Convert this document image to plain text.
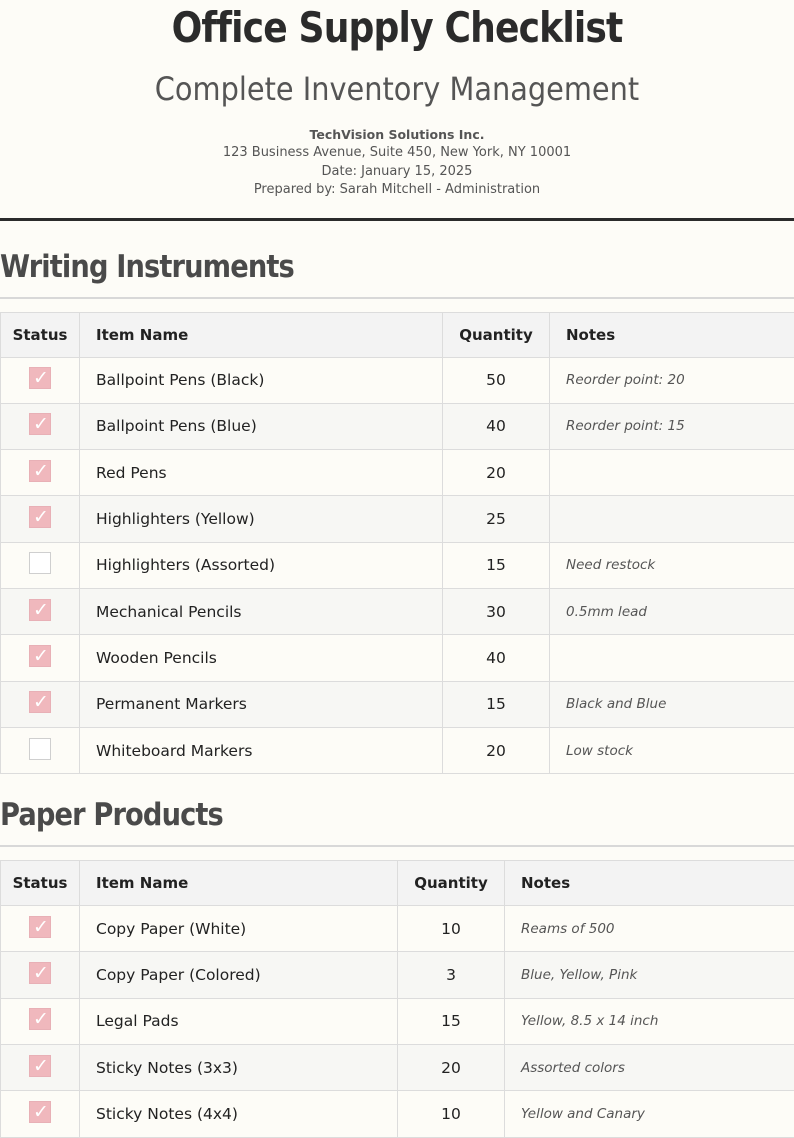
Office Supply Checklist
Complete Inventory Management
TechVision Solutions Inc.
123 Business Avenue, Suite 450, New York, NY 10001
Date: January 15, 2025
Prepared by: Sarah Mitchell - Administration
Writing Instruments
Status	Item Name	Quantity	Notes
✓	Ballpoint Pens (Black)	50	Reorder point: 20
✓	Ballpoint Pens (Blue)	40	Reorder point: 15
✓	Red Pens	20	
✓	Highlighters (Yellow)	25	
	Highlighters (Assorted)	15	Need restock
✓	Mechanical Pencils	30	0.5mm lead
✓	Wooden Pencils	40	
✓	Permanent Markers	15	Black and Blue
	Whiteboard Markers	20	Low stock
Paper Products
Status	Item Name	Quantity	Notes
✓	Copy Paper (White)	10	Reams of 500
✓	Copy Paper (Colored)	3	Blue, Yellow, Pink
✓	Legal Pads	15	Yellow, 8.5 x 14 inch
✓	Sticky Notes (3x3)	20	Assorted colors
✓	Sticky Notes (4x4)	10	Yellow and Canary
